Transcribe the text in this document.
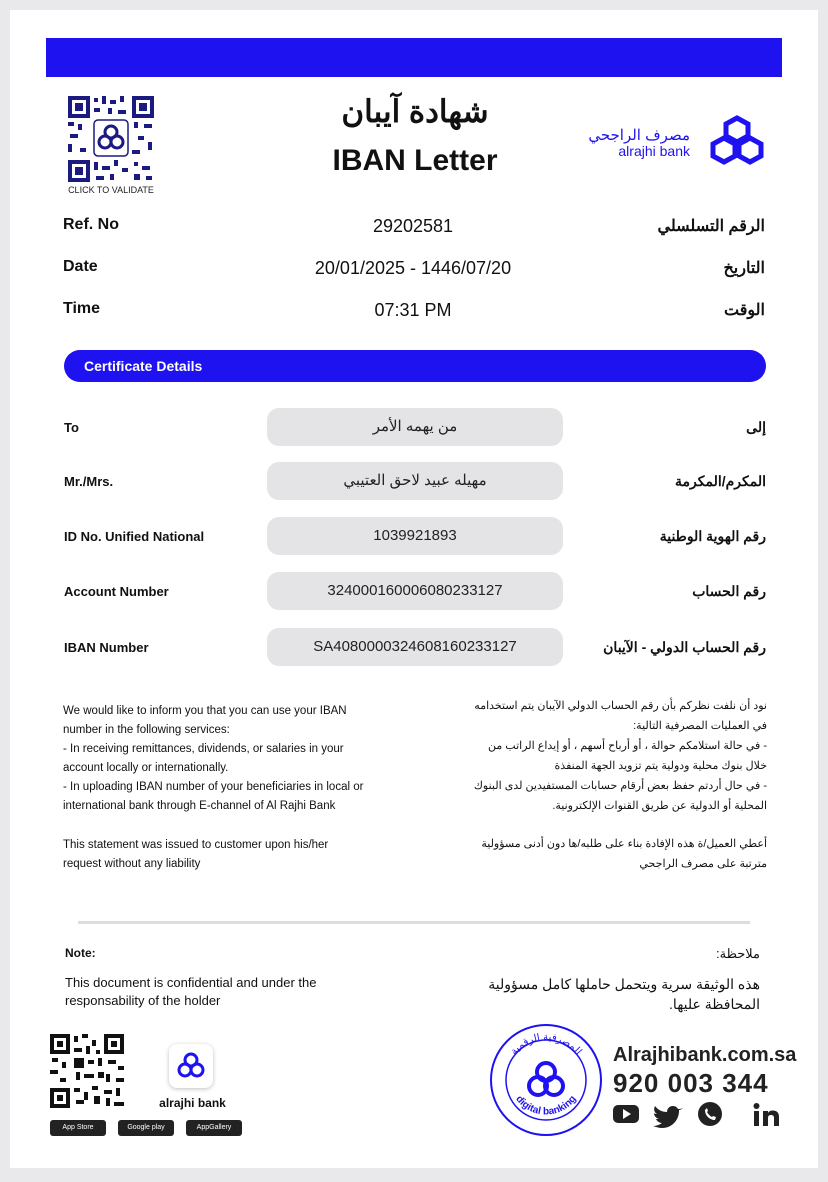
CLICK TO VALIDATE
شهادة آيبان
IBAN Letter
مصرف الراجحي
alrajhi bank
Ref. No	29202581	الرقم التسلسلي
Date	20/01/2025 - 1446/07/20	التاريخ
Time	07:31 PM	الوقت
Certificate Details
To	من يهمه الأمر	إلى
Mr./Mrs.	مهيله عبيد لاحق العتيبي	المكرم/المكرمة
ID No. Unified National	1039921893	رقم الهوية الوطنية
Account Number	324000160006080233127	رقم الحساب
IBAN Number	SA4080000324608160233127	رقم الحساب الدولي - الآيبان

We would like to inform you that you can use your IBAN number in the following services:

- In receiving remittances, dividends, or salaries in your account locally or internationally.

- In uploading IBAN number of your beneficiaries in local or international bank through E-channel of Al Rajhi Bank

This statement was issued to customer upon his/her request without any liability

نود أن نلفت نظركم بأن رقم الحساب الدولي الآيبان يتم استخدامه في العمليات المصرفية التالية:

- في حالة استلامكم حوالة ، أو أرباح أسهم ، أو إيداع الراتب من خلال بنوك محلية ودولية يتم تزويد الجهة المنفذة

- في حال أردتم حفظ بعض أرقام حسابات المستفيدين لدى البنوك المحلية أو الدولية عن طريق القنوات الإلكترونية.

أعطي العميل/ة هذه الإفادة بناء على طلبه/ها دون أدنى مسؤولية مترتبة على مصرف الراجحي

Note:	ملاحظة:
This document is confidential and under the responsability of the holder
هذه الوثيقة سرية ويتحمل حاملها كامل مسؤولية المحافظة عليها.
App Store	Google play	AppGallery
alrajhi bank
المصرفية الرقمية
digital banking
Alrajhibank.com.sa
920 003 344
